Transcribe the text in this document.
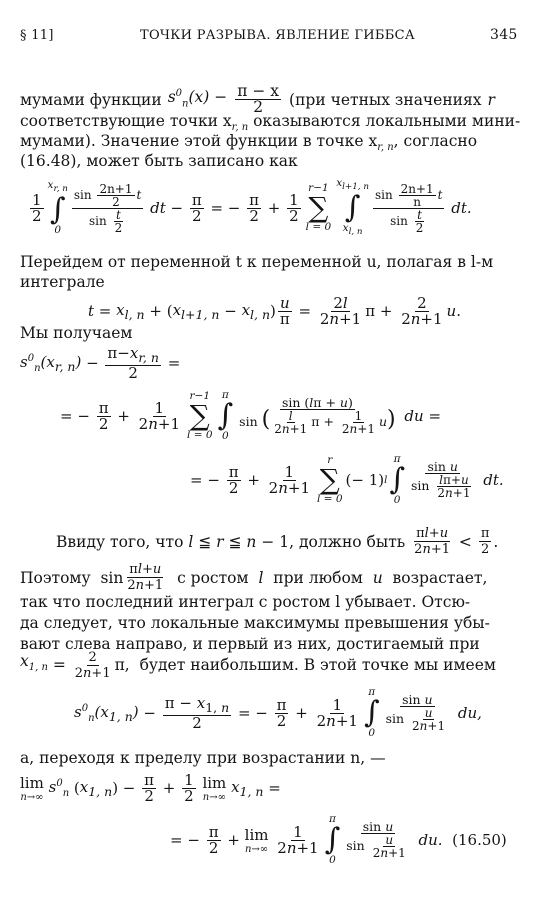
§ 11]	ТОЧКИ РАЗРЫВА. ЯВЛЕНИЕ ГИББСА	345
мумами функции $s^0_n(x) - \frac{\pi - x}{2} (при$ четных значениях r
соответствующие точки $x_{r, n}$ оказываются локальными мини-
мумами). Значение этой функции в точке $x_{r, n}$, согласно
(16.48), может быть записано как
1
2
$x_{r, n}$
∫
0
$\sin \frac{2n+1}{2}$ t
$\sin \frac{t}{2}$
dt − π
2 = − π
2 + 1
2
r−1
∑
l = 0
$x_{l+1, n}$
∫
$x_{l, n}$
$\sin \frac{2n+1}{n}$ t
$\sin \frac{t}{2}$
dt.
Перейдем от переменной t к переменной u, полагая в l-м
интеграле
$t = x_{l, n}$ + ( $x_{l+1, n} - x_{l, n}$ ) u
π = 2l
2n+1 π + 2
2n+1 u.
Мы получаем
$s^0_n(x_{r, n})$ −
$\pi-x_{r, n}$
2
=
= − π
2 + 1
2n+1
r−1
∑
l = 0
π
∫
0
sin (lπ + u)
sin ( $\frac{l}{2n+1}$ $\pi + \frac{1}{2n+1} u$) du =
= − π
2 + 1
2n+1
r
∑
l = 0
(− 1) l
π
∫
0
sin u
$\sin \frac{l\pi+u}{2n+1}$ dt.
Ввиду того, что
l ≦ r ≦ n − 1 , должно быть
πl+u
2n+1 < π
2 .
Поэтому sin πl+u
2n+1
с ростом
l
при любом
u
возрастает,
так что последний интеграл с ростом l убывает. Отсю-
да следует, что локальные максимумы превышения убы-
вают слева направо, и первый из них, достигаемый при
$x_{1, n} = 2$
2n+1 π, будет наибольшим. В этой точке мы имеем
$s^0_n(x_{1, n})$ −
$\pi - x_{1, n}$
2
= − π
2 + 1
2n+1
π
∫
0
sin u
$\sin \frac{u}{2n+1}$ du,
а, переходя к пределу при возрастании n, —
lim
n→∞

$s^0_n$ ( $x_{1, n}$ ) − π
2 + 1
2

lim
n→∞

$x_{1, n}$ =
= − π
2 + lim
n→∞

1
2n+1
π
∫
0
sin u
$\sin \frac{u}{2n+1}$ du.
(16.50)
